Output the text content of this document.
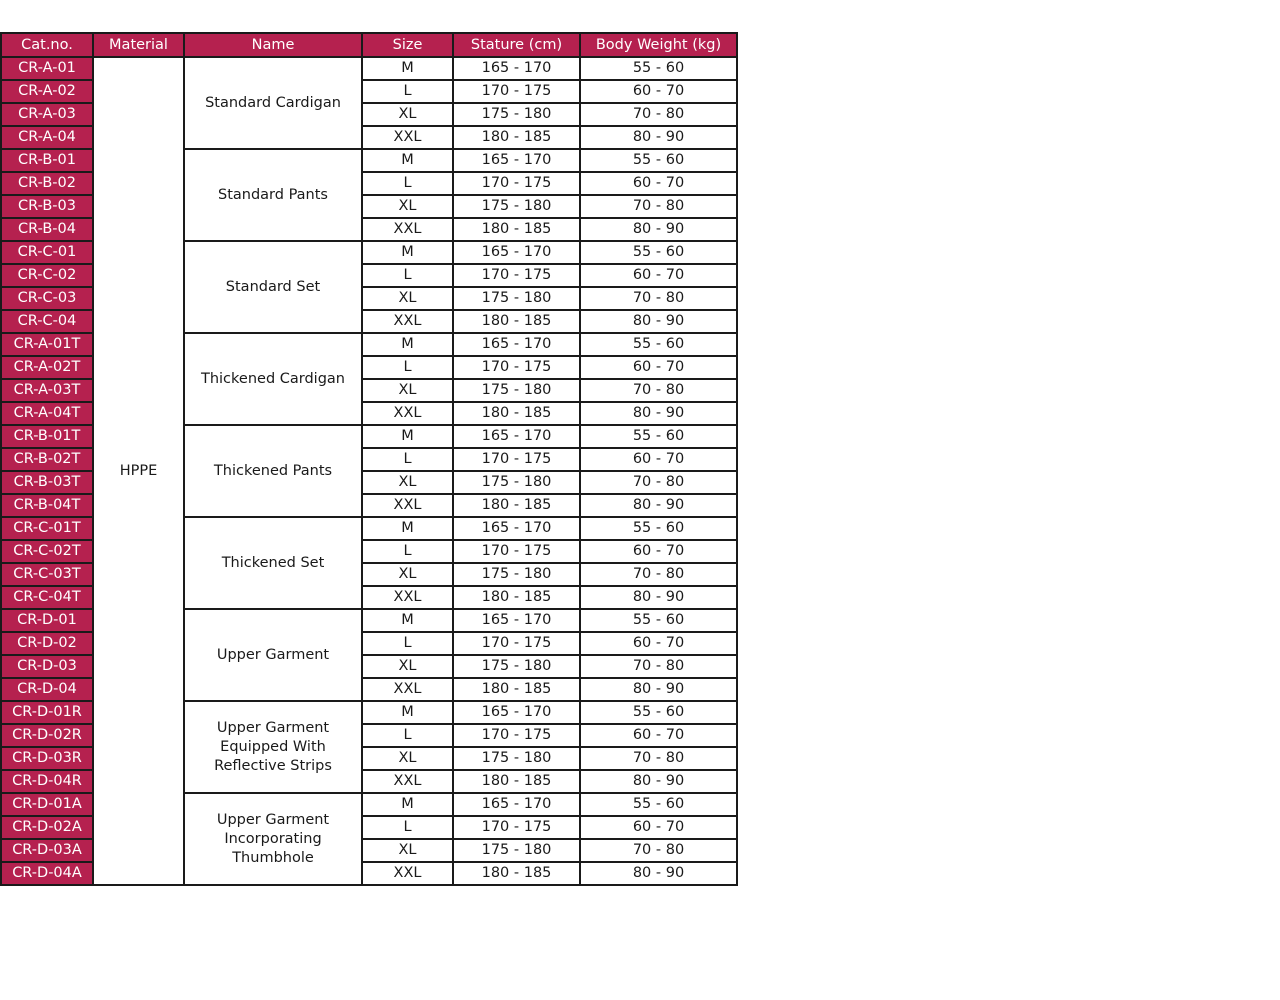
Cat.no.	Material	Name	Size	Stature (cm)	Body Weight (kg)
CR-A-01	HPPE	Standard Cardigan	M	165 - 170	55 - 60
CR-A-02			L	170 - 175	60 - 70
CR-A-03			XL	175 - 180	70 - 80
CR-A-04			XXL	180 - 185	80 - 90
CR-B-01		Standard Pants	M	165 - 170	55 - 60
CR-B-02			L	170 - 175	60 - 70
CR-B-03			XL	175 - 180	70 - 80
CR-B-04			XXL	180 - 185	80 - 90
CR-C-01		Standard Set	M	165 - 170	55 - 60
CR-C-02			L	170 - 175	60 - 70
CR-C-03			XL	175 - 180	70 - 80
CR-C-04			XXL	180 - 185	80 - 90
CR-A-01T		Thickened Cardigan	M	165 - 170	55 - 60
CR-A-02T			L	170 - 175	60 - 70
CR-A-03T			XL	175 - 180	70 - 80
CR-A-04T			XXL	180 - 185	80 - 90
CR-B-01T		Thickened Pants	M	165 - 170	55 - 60
CR-B-02T			L	170 - 175	60 - 70
CR-B-03T			XL	175 - 180	70 - 80
CR-B-04T			XXL	180 - 185	80 - 90
CR-C-01T		Thickened Set	M	165 - 170	55 - 60
CR-C-02T			L	170 - 175	60 - 70
CR-C-03T			XL	175 - 180	70 - 80
CR-C-04T			XXL	180 - 185	80 - 90
CR-D-01		Upper Garment	M	165 - 170	55 - 60
CR-D-02			L	170 - 175	60 - 70
CR-D-03			XL	175 - 180	70 - 80
CR-D-04			XXL	180 - 185	80 - 90
CR-D-01R		Upper Garment
Equipped With
Reflective Strips	M	165 - 170	55 - 60
CR-D-02R			L	170 - 175	60 - 70
CR-D-03R			XL	175 - 180	70 - 80
CR-D-04R			XXL	180 - 185	80 - 90
CR-D-01A		Upper Garment
Incorporating
Thumbhole	M	165 - 170	55 - 60
CR-D-02A			L	170 - 175	60 - 70
CR-D-03A			XL	175 - 180	70 - 80
CR-D-04A			XXL	180 - 185	80 - 90
